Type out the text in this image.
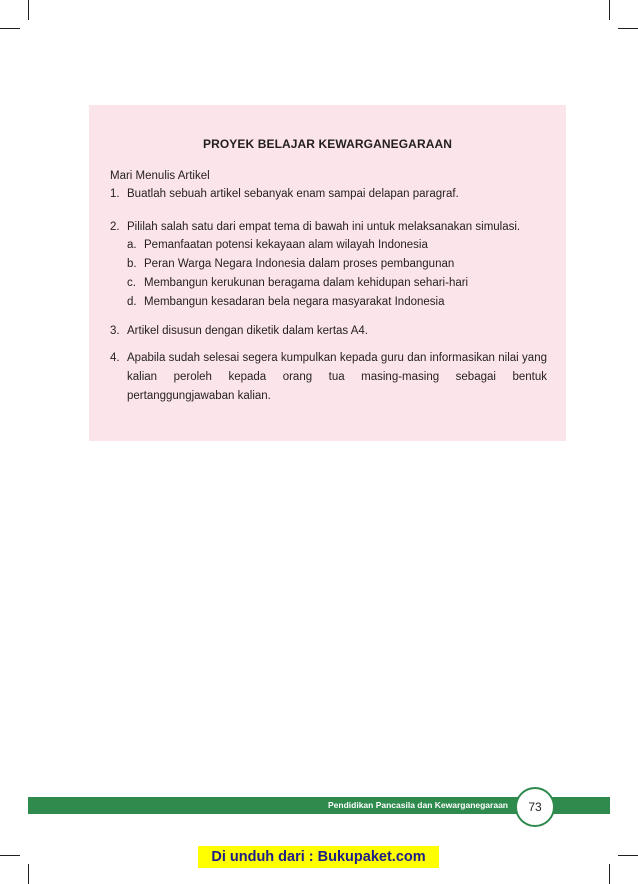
PROYEK BELAJAR KEWARGANEGARAAN
Mari Menulis Artikel
1. Buatlah sebuah artikel sebanyak enam sampai delapan paragraf.
2. Pililah salah satu dari empat tema di bawah ini untuk melaksanakan simulasi.
a. Pemanfaatan potensi kekayaan alam wilayah Indonesia
b. Peran Warga Negara Indonesia dalam proses pembangunan
c. Membangun kerukunan beragama dalam kehidupan sehari-hari
d. Membangun kesadaran bela negara masyarakat Indonesia
3. Artikel disusun dengan diketik dalam kertas A4.
4. Apabila sudah selesai segera kumpulkan kepada guru dan informasikan nilai yang kalian peroleh kepada orang tua masing-masing sebagai bentuk pertanggungjawaban kalian.
Pendidikan Pancasila dan Kewarganegaraan	73
Di unduh dari : Bukupaket.com
